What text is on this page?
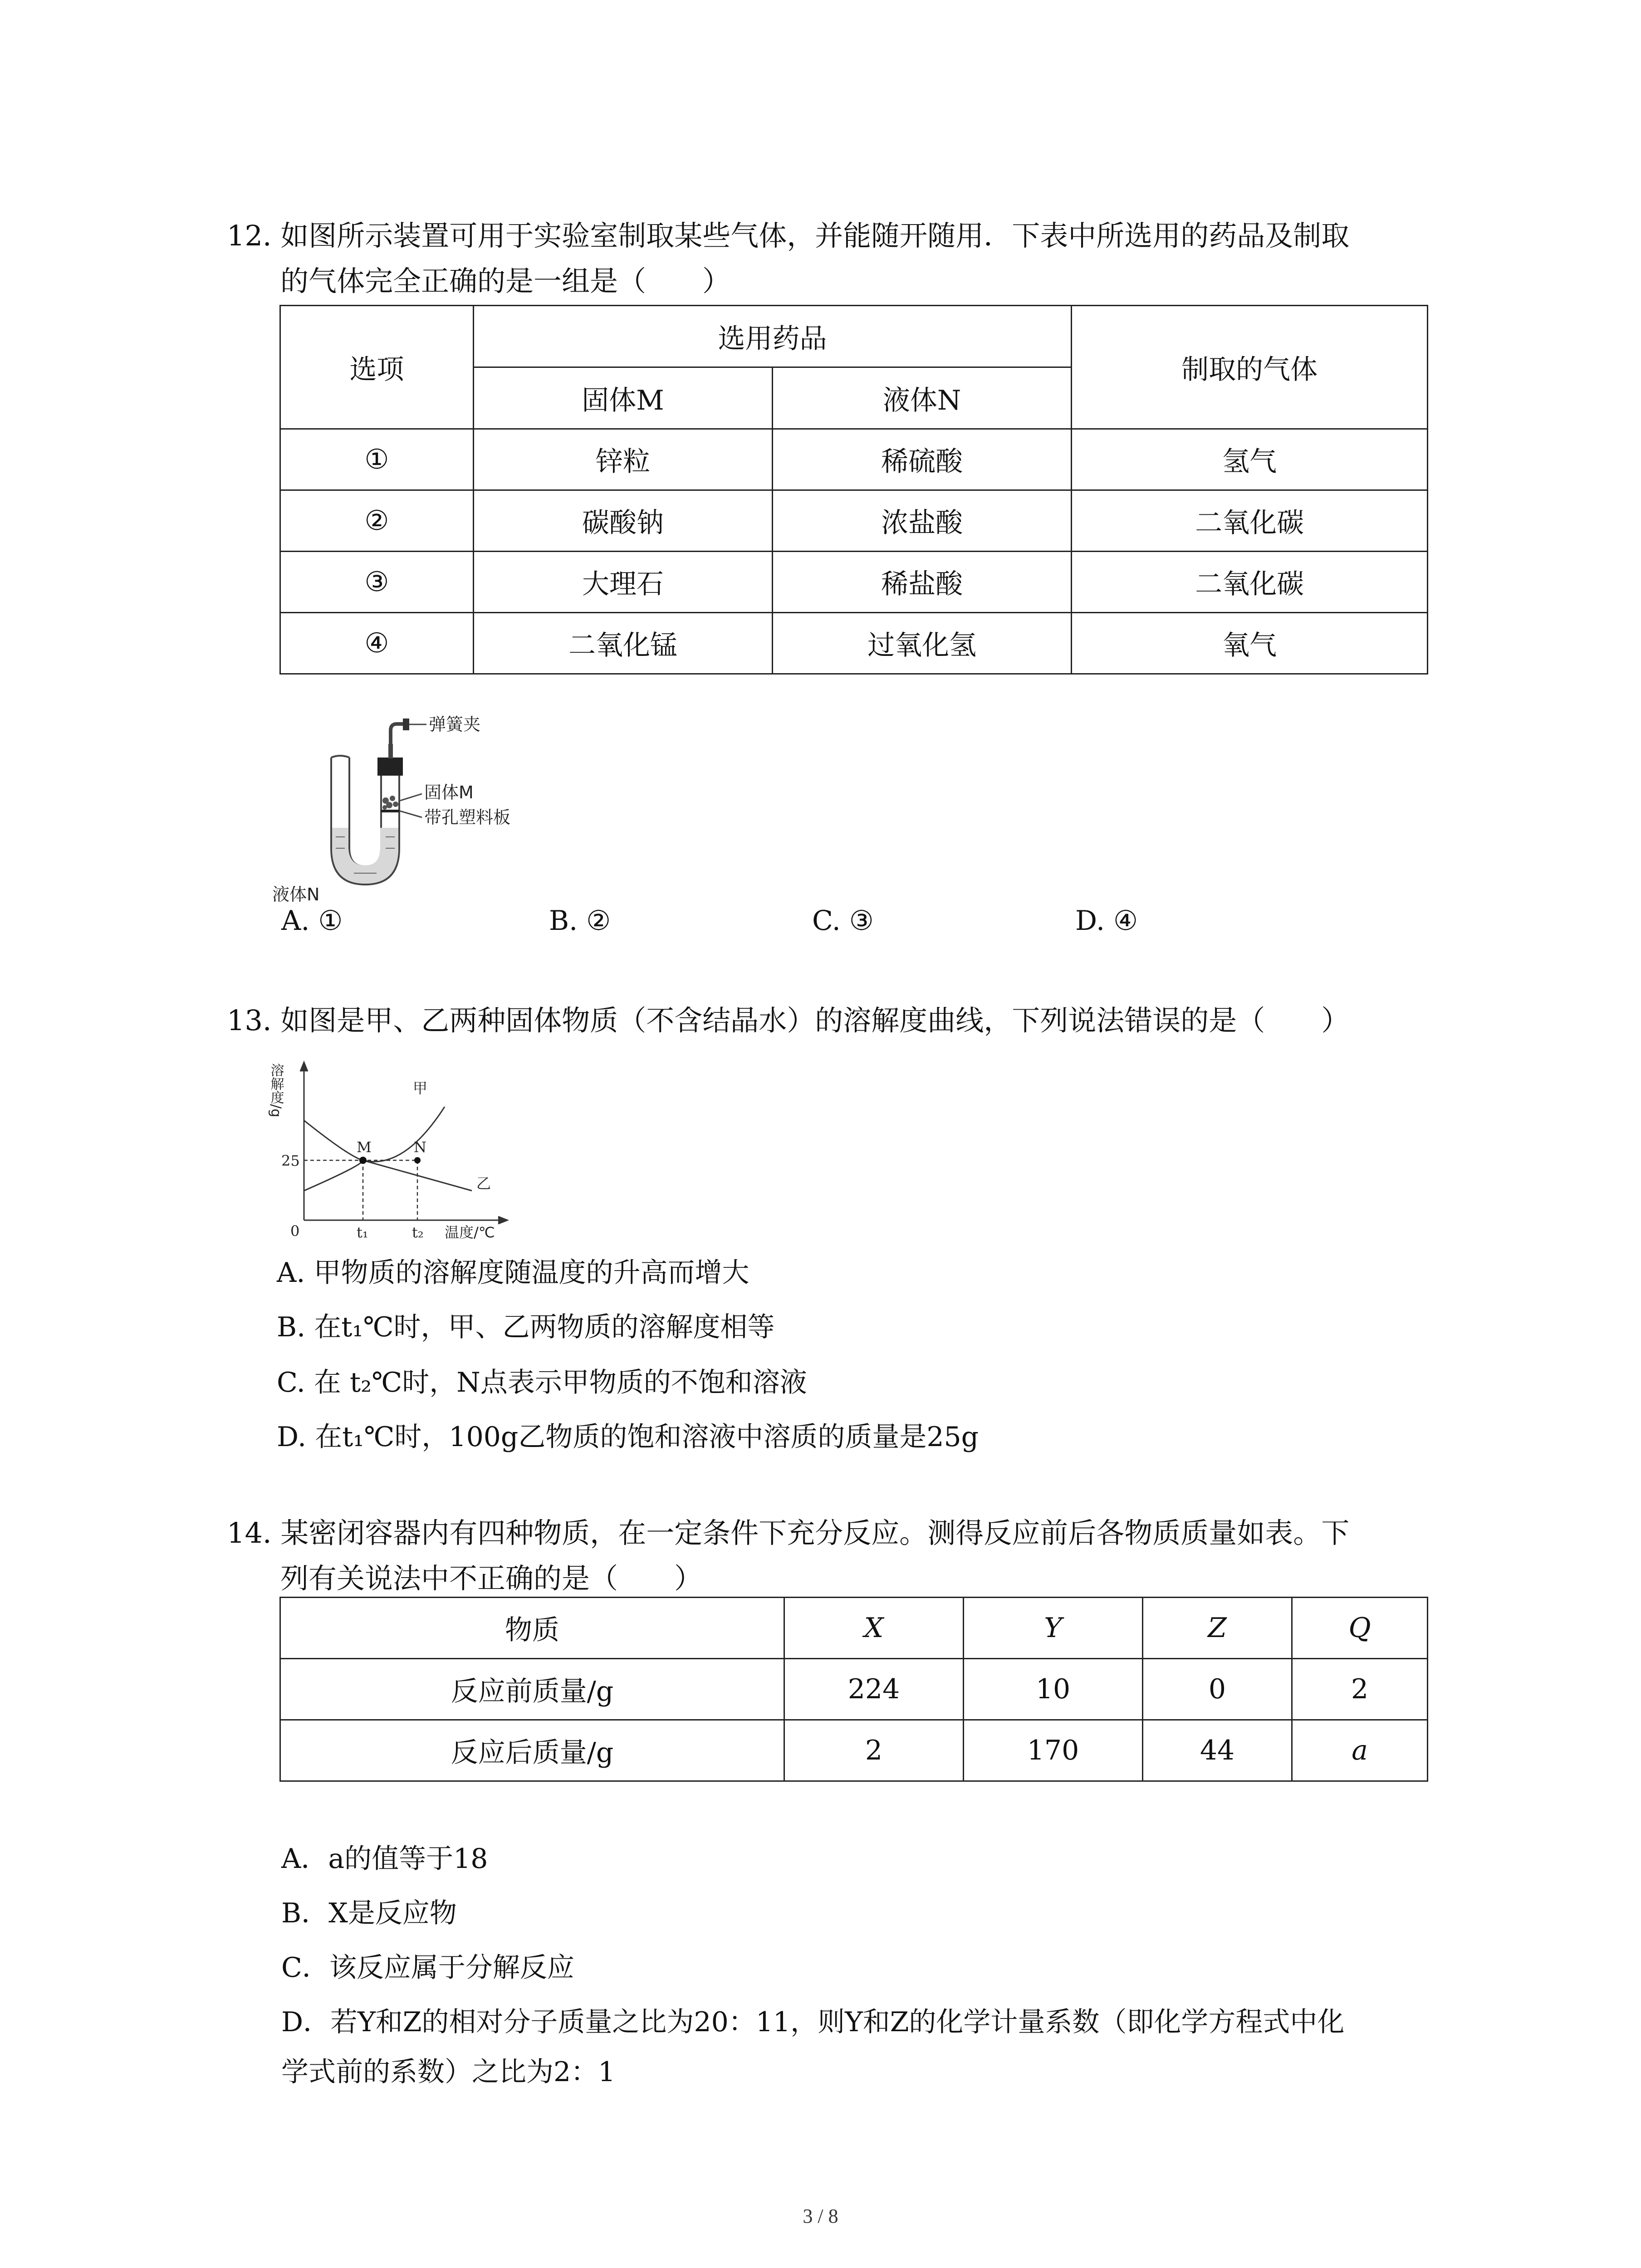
12. 如图所示装置可用于实验室制取某些气体，并能随开随用．下表中所选用的药品及制取
的气体完全正确的是一组是（　　）
选项	选用药品		制取的气体
	固体M	液体N	
①	锌粒	稀硫酸	氢气
②	碳酸钠	浓盐酸	二氧化碳
③	大理石	稀盐酸	二氧化碳
④	二氧化锰	过氧化氢	氧气
弹簧夹
固体M
带孔塑料板
液体N
A. ①	B. ②	C. ③	D. ④
13. 如图是甲、乙两种固体物质（不含结晶水）的溶解度曲线，下列说法错误的是（　　）
M	N
25
0	t₁	t₂
甲
乙
温度/℃
溶解度/g
A. 甲物质的溶解度随温度的升高而增大
B. 在t₁℃时，甲、乙两物质的溶解度相等
C. 在 t₂℃时，N点表示甲物质的不饱和溶液
D. 在t₁℃时，100g乙物质的饱和溶液中溶质的质量是25g
14. 某密闭容器内有四种物质，在一定条件下充分反应。测得反应前后各物质质量如表。下
列有关说法中不正确的是（　　）
物质	X	Y	Z	Q
反应前质量/g	224	10	0	2
反应后质量/g	2	170	44	a
A．a的值等于18
B．X是反应物
C．该反应属于分解反应
D．若Y和Z的相对分子质量之比为20：11，则Y和Z的化学计量系数（即化学方程式中化
学式前的系数）之比为2：1
3 / 8
